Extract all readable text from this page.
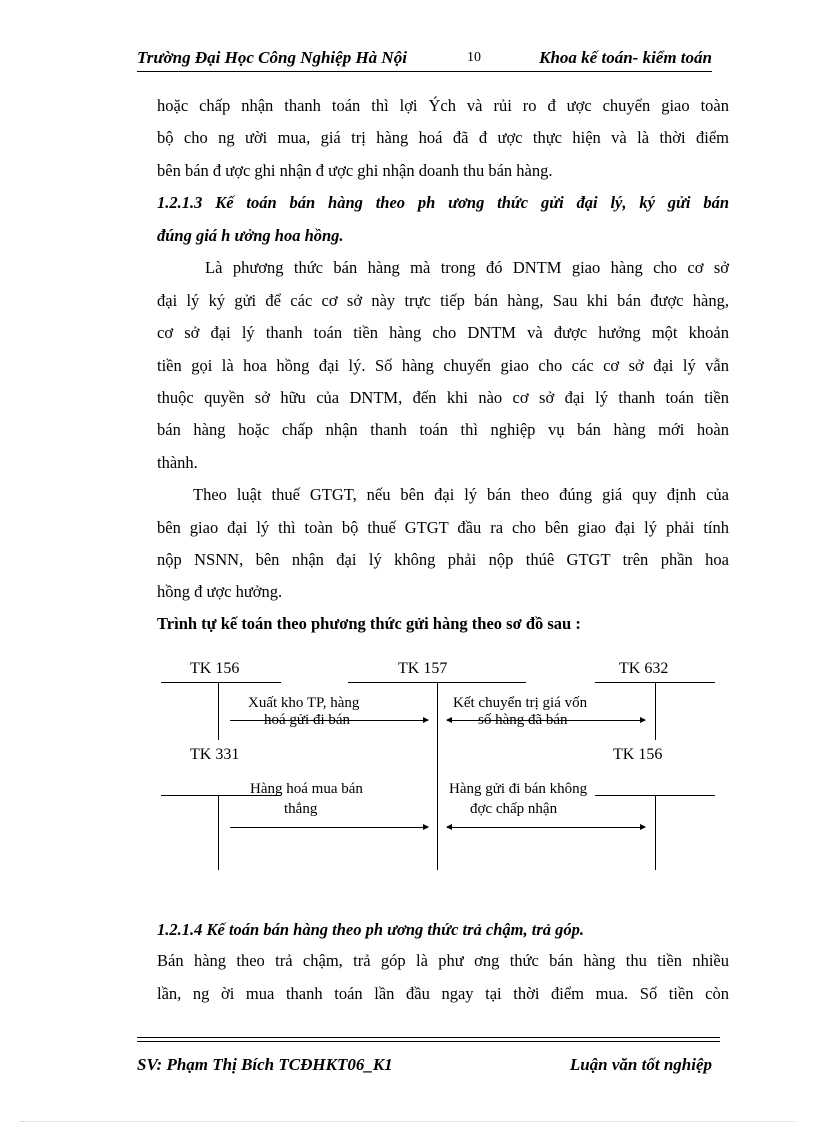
Trường Đại Học Công Nghiệp Hà Nội	10	Khoa kế toán- kiểm toán
hoặc chấp nhận thanh toán thì lợi Ých và rủi ro đ ược chuyển giao toàn
bộ cho ng ười mua, giá trị hàng hoá đã đ ược thực hiện và là thời điểm
bên bán đ ược ghi nhận đ ược ghi nhận doanh thu bán hàng.
1.2.1.3 Kế toán bán hàng theo ph ương thức gửi đại lý, ký gửi bán
đúng giá h ưởng hoa hồng.
Là phương thức bán hàng mà trong đó DNTM giao hàng cho cơ sở
đại lý ký gửi để các cơ sở này trực tiếp bán hàng, Sau khi bán được hàng,
cơ sở đại lý thanh toán tiền hàng cho DNTM và được hưởng một khoản
tiền gọi là hoa hồng đại lý. Số hàng chuyển giao cho các cơ sở đại lý vẫn
thuộc quyền sở hữu của DNTM, đến khi nào cơ sở đại lý thanh toán tiền
bán hàng hoặc chấp nhận thanh toán thì nghiệp vụ bán hàng mới hoàn
thành.
Theo luật thuế GTGT, nếu bên đại lý bán theo đúng giá quy định của
bên giao đại lý thì toàn bộ thuế GTGT đầu ra cho bên giao đại lý phải tính
nộp NSNN, bên nhận đại lý không phải nộp thúê GTGT trên phần hoa
hồng đ ược hưởng.
Trình tự kế toán theo phương thức gửi hàng theo sơ đồ sau :
TK 156	TK 157	TK 632
Xuất kho TP, hàng
hoá gửi đi bán
Kết chuyển trị giá vốn
số hàng đã bán
TK 331	TK 156
Hàng hoá mua bán
thẳng
Hàng gửi đi bán không
đợc chấp nhận
1.2.1.4 Kế toán bán hàng theo ph ương thức trả chậm, trả góp.
Bán hàng theo trả chậm, trả góp là phư ơng thức bán hàng thu tiền nhiều
lần, ng ời mua thanh toán lần đầu ngay tại thời điểm mua. Số tiền còn
SV: Phạm Thị Bích TCĐHKT06_K1	Luận văn tốt nghiệp
